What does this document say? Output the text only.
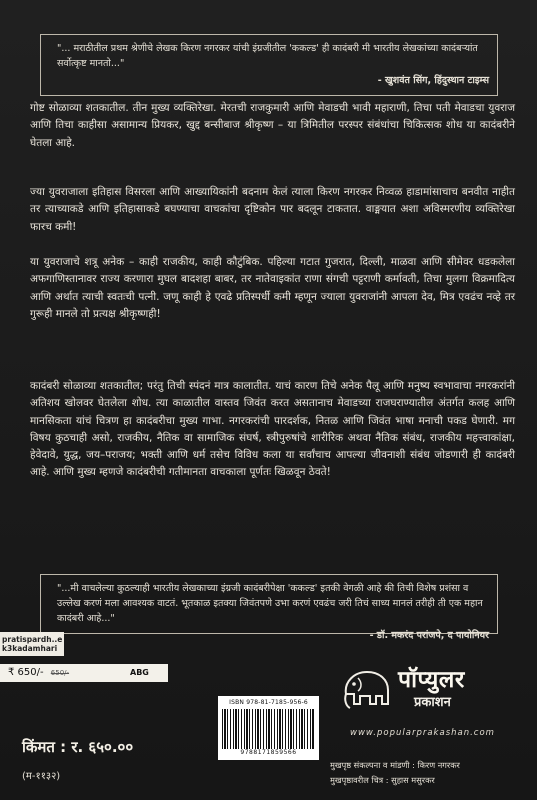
"... मराठीतील प्रथम श्रेणीचे लेखक किरण नगरकर यांची इंग्रजीतील 'ककल्ड' ही कादंबरी मी भारतीय लेखकांच्या कादंबऱ्यांत सर्वोत्कृष्ट मानतो..."
- खुशवंत सिंग, हिंदुस्थान टाइम्स
गोष्ट सोळाव्या शतकातील. तीन मुख्य व्यक्तिरेखा. मेरतची राजकुमारी आणि मेवाडची भावी महाराणी, तिचा पती मेवाडचा युवराज आणि तिचा काहीसा असामान्य प्रियकर, खुद्द बन्सीबाज श्रीकृष्ण – या त्रिमितील परस्पर संबंधांचा चिकित्सक शोध या कादंबरीने घेतला आहे.
ज्या युवराजाला इतिहास विसरला आणि आख्यायिकांनी बदनाम केलं त्याला किरण नगरकर निव्वळ हाडामांसाचाच बनवीत नाहीत तर त्याच्याकडे आणि इतिहासाकडे बघण्याचा वाचकांचा दृष्टिकोन पार बदलून टाकतात. वाङ्मयात अशा अविस्मरणीय व्यक्तिरेखा फारच कमी!
या युवराजाचे शत्रू अनेक – काही राजकीय, काही कौटुंबिक. पहिल्या गटात गुजरात, दिल्ली, माळवा आणि सीमेवर धडकलेला अफगाणिस्तानावर राज्य करणारा मुघल बादशहा बाबर, तर नातेवाइकांत राणा संगची पट्टराणी कर्मावती, तिचा मुलगा विक्रमादित्य आणि अर्थात त्याची स्वतःची पत्नी. जणू काही हे एवढे प्रतिस्पर्धी कमी म्हणून ज्याला युवराजांनी आपला देव, मित्र एवढंच नव्हे तर गुरूही मानले तो प्रत्यक्ष श्रीकृष्णही!
कादंबरी सोळाव्या शतकातील; परंतु तिची स्पंदनं मात्र कालातीत. याचं कारण तिचे अनेक पैलू आणि मनुष्य स्वभावाचा नगरकरांनी अतिशय खोलवर घेतलेला शोध. त्या काळातील वास्तव जिवंत करत असतानाच मेवाडच्या राजघराण्यातील अंतर्गत कलह आणि मानसिकता यांचं चित्रण हा कादंबरीचा मुख्य गाभा. नगरकरांची पारदर्शक, नितळ आणि जिवंत भाषा मनाची पकड घेणारी. मग विषय कुठचाही असो, राजकीय, नैतिक वा सामाजिक संघर्ष, स्त्रीपुरुषांचे शारीरिक अथवा नैतिक संबंध, राजकीय महत्त्वाकांक्षा, हेवेदावे, युद्ध, जय–पराजय; भक्ती आणि धर्म तसेच विविध कला या सर्वांचाच आपल्या जीवनाशी संबंध जोडणारी ही कादंबरी आहे. आणि मुख्य म्हणजे कादंबरीची गतीमानता वाचकाला पूर्णतः खिळवून ठेवते!
"...मी वाचलेल्या कुठल्याही भारतीय लेखकाच्या इंग्रजी कादंबरीपेक्षा 'ककल्ड' इतकी वेगळी आहे की तिची विशेष प्रशंसा व उल्लेख करणं मला आवश्यक वाटतं. भूतकाळ इतक्या जिवंतपणे उभा करणं एवढंच जरी तिचं साध्य मानलं तरीही ती एक महान कादंबरी आहे..."
- डॉ. मकरंद परांजपे, द पायोनियर
pratispardh..e
k3kadamhari
₹ 650/- 650/-	ABG
ISBN 978-81-7185-956-6
9788171859566
पॉप्युलर
प्रकाशन
www.popularprakashan.com
किंमत : र. ६५०.००
(म-११३२)
मुखपृष्ठ संकल्पना व मांडणी : किरण नगरकर
मुखपृष्ठावरील चित्र : सुहास मसुरकर
